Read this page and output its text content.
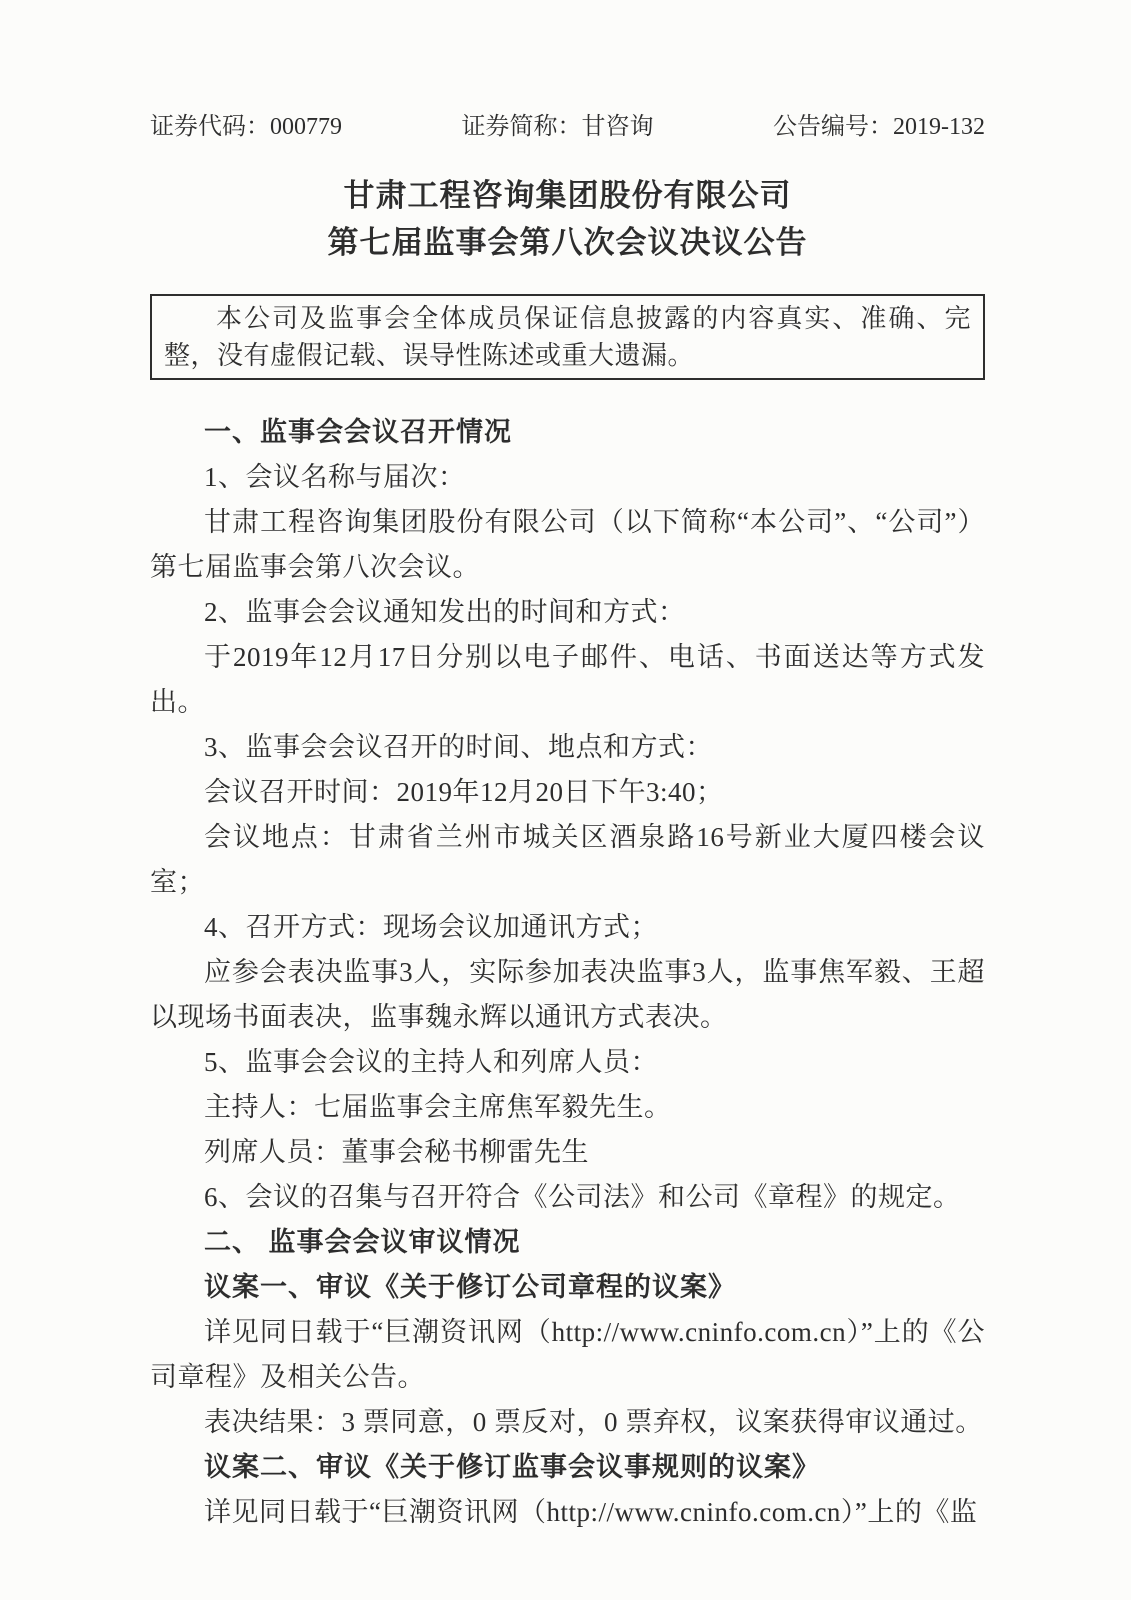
证券代码：000779	证券简称：甘咨询	公告编号：2019-132
甘肃工程咨询集团股份有限公司
第七届监事会第八次会议决议公告

本公司及监事会全体成员保证信息披露的内容真实、准确、完整，没有虚假记载、误导性陈述或重大遗漏。

一、监事会会议召开情况

1、会议名称与届次：

甘肃工程咨询集团股份有限公司（以下简称“本公司”、“公司”）第七届监事会第八次会议。

2、监事会会议通知发出的时间和方式：

于2019年12月17日分别以电子邮件、电话、书面送达等方式发出。

3、监事会会议召开的时间、地点和方式：

会议召开时间：2019年12月20日下午3:40；

会议地点：甘肃省兰州市城关区酒泉路16号新业大厦四楼会议室；

4、召开方式：现场会议加通讯方式；

应参会表决监事3人，实际参加表决监事3人，监事焦军毅、王超以现场书面表决，监事魏永辉以通讯方式表决。

5、监事会会议的主持人和列席人员：

主持人：七届监事会主席焦军毅先生。

列席人员：董事会秘书柳雷先生

6、会议的召集与召开符合《公司法》和公司《章程》的规定。

二、 监事会会议审议情况

议案一、审议《关于修订公司章程的议案》

详见同日载于“巨潮资讯网（http://www.cninfo.com.cn）”上的《公司章程》及相关公告。

表决结果：3 票同意，0 票反对，0 票弃权，议案获得审议通过。

议案二、审议《关于修订监事会议事规则的议案》

详见同日载于“巨潮资讯网（http://www.cninfo.com.cn）”上的《监
